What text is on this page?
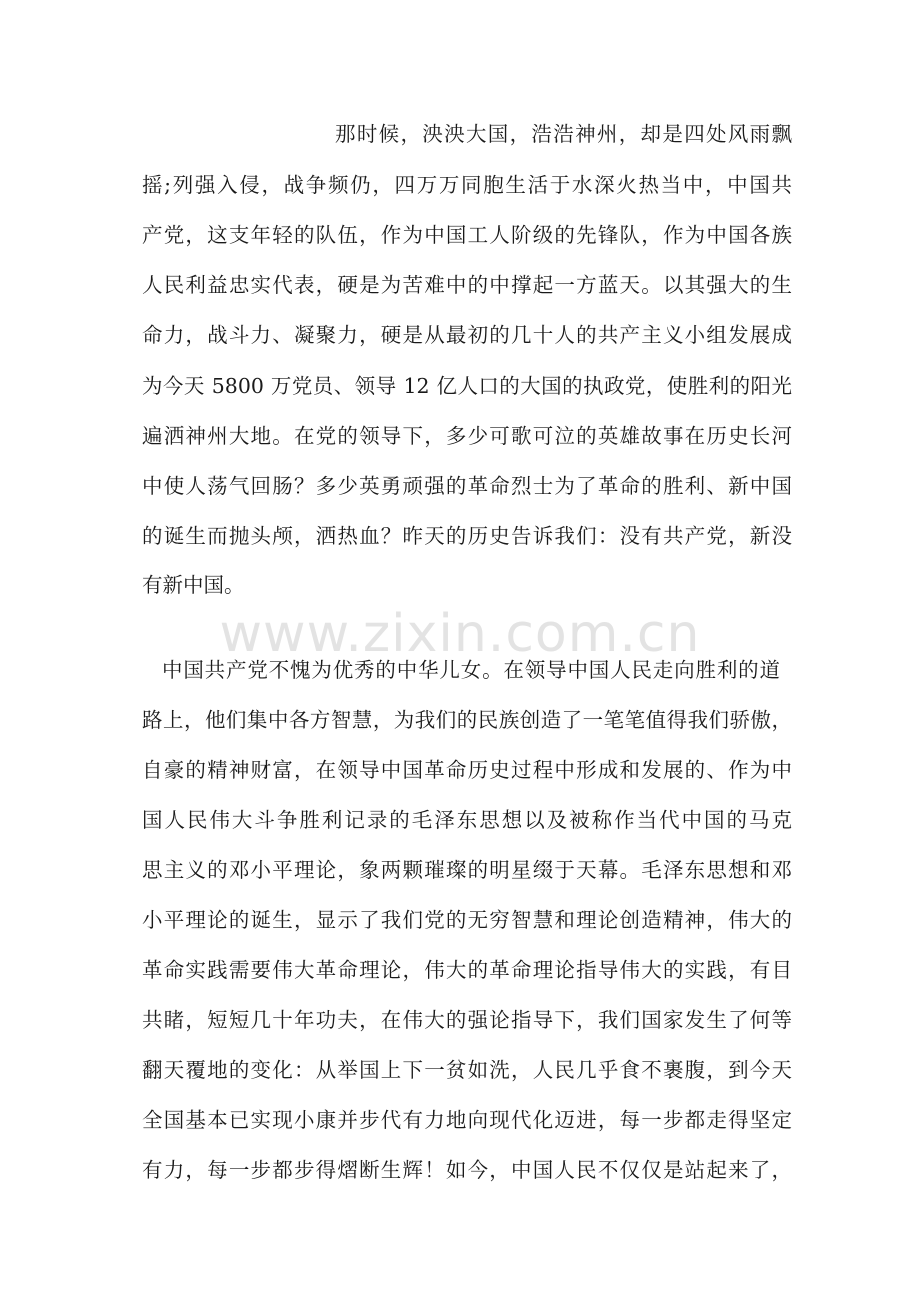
www.zixin.com.cn

那时候，泱泱大国，浩浩神州，却是四处风雨飘

摇;列强入侵，战争频仍，四万万同胞生活于水深火热当中，中国共

产党，这支年轻的队伍，作为中国工人阶级的先锋队，作为中国各族

人民利益忠实代表，硬是为苦难中的中撑起一方蓝天。以其强大的生

命力，战斗力、凝聚力，硬是从最初的几十人的共产主义小组发展成

为今天 5800 万党员、领导 12 亿人口的大国的执政党，使胜利的阳光

遍洒神州大地。在党的领导下，多少可歌可泣的英雄故事在历史长河

中使人荡气回肠？多少英勇顽强的革命烈士为了革命的胜利、新中国

的诞生而抛头颅，洒热血？昨天的历史告诉我们：没有共产党，新没

有新中国。

中国共产党不愧为优秀的中华儿女。在领导中国人民走向胜利的道

路上，他们集中各方智慧，为我们的民族创造了一笔笔值得我们骄傲，

自豪的精神财富，在领导中国革命历史过程中形成和发展的、作为中

国人民伟大斗争胜利记录的毛泽东思想以及被称作当代中国的马克

思主义的邓小平理论，象两颗璀璨的明星缀于天幕。毛泽东思想和邓

小平理论的诞生，显示了我们党的无穷智慧和理论创造精神，伟大的

革命实践需要伟大革命理论，伟大的革命理论指导伟大的实践，有目

共睹，短短几十年功夫，在伟大的强论指导下，我们国家发生了何等

翻天覆地的变化：从举国上下一贫如洗，人民几乎食不裹腹，到今天

全国基本已实现小康并步代有力地向现代化迈进，每一步都走得坚定

有力，每一步都步得熠断生辉！如今，中国人民不仅仅是站起来了，
